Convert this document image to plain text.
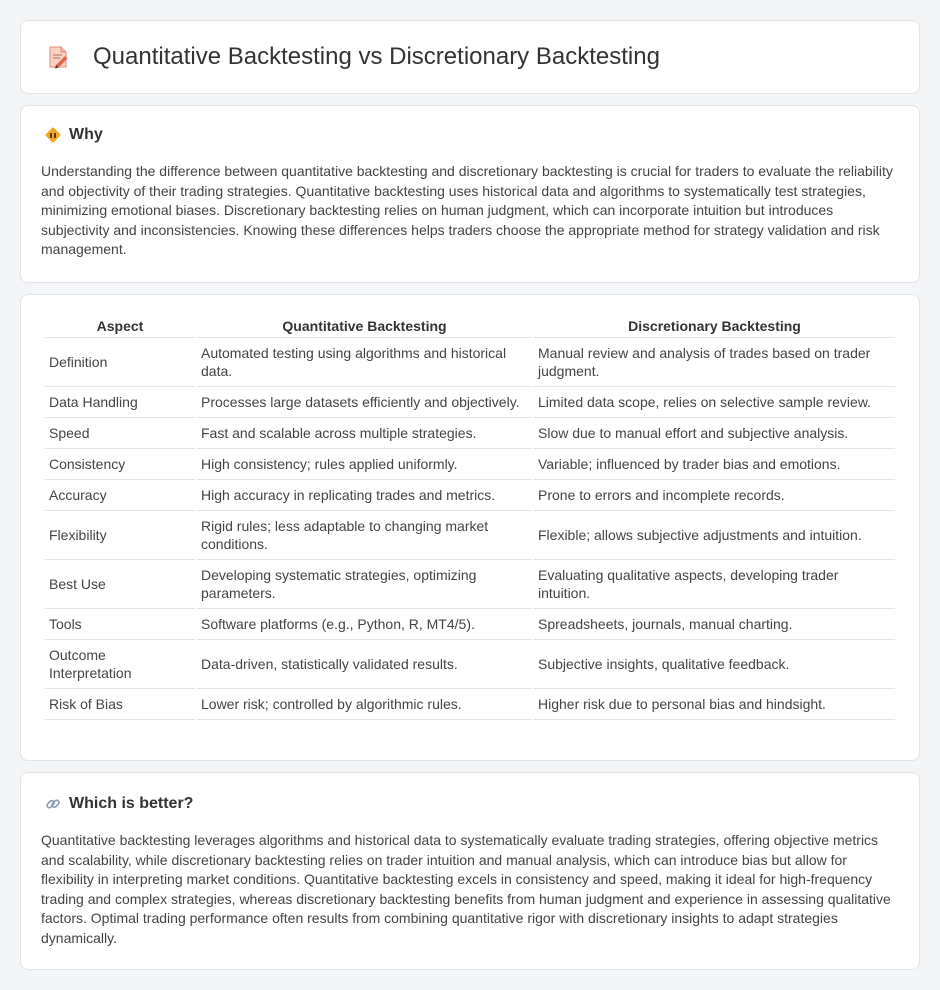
Quantitative Backtesting vs Discretionary Backtesting
Why

Understanding the difference between quantitative backtesting and discretionary backtesting is crucial for traders to evaluate the reliability and objectivity of their trading strategies. Quantitative backtesting uses historical data and algorithms to systematically test strategies, minimizing emotional biases. Discretionary backtesting relies on human judgment, which can incorporate intuition but introduces subjectivity and inconsistencies. Knowing these differences helps traders choose the appropriate method for strategy validation and risk management.

Aspect	Quantitative Backtesting	Discretionary Backtesting
Definition	Automated testing using algorithms and historical data.	Manual review and analysis of trades based on trader judgment.
Data Handling	Processes large datasets efficiently and objectively.	Limited data scope, relies on selective sample review.
Speed	Fast and scalable across multiple strategies.	Slow due to manual effort and subjective analysis.
Consistency	High consistency; rules applied uniformly.	Variable; influenced by trader bias and emotions.
Accuracy	High accuracy in replicating trades and metrics.	Prone to errors and incomplete records.
Flexibility	Rigid rules; less adaptable to changing market conditions.	Flexible; allows subjective adjustments and intuition.
Best Use	Developing systematic strategies, optimizing parameters.	Evaluating qualitative aspects, developing trader intuition.
Tools	Software platforms (e.g., Python, R, MT4/5).	Spreadsheets, journals, manual charting.
Outcome Interpretation	Data-driven, statistically validated results.	Subjective insights, qualitative feedback.
Risk of Bias	Lower risk; controlled by algorithmic rules.	Higher risk due to personal bias and hindsight.
Which is better?

Quantitative backtesting leverages algorithms and historical data to systematically evaluate trading strategies, offering objective metrics and scalability, while discretionary backtesting relies on trader intuition and manual analysis, which can introduce bias but allow for flexibility in interpreting market conditions. Quantitative backtesting excels in consistency and speed, making it ideal for high-frequency trading and complex strategies, whereas discretionary backtesting benefits from human judgment and experience in assessing qualitative factors. Optimal trading performance often results from combining quantitative rigor with discretionary insights to adapt strategies dynamically.
